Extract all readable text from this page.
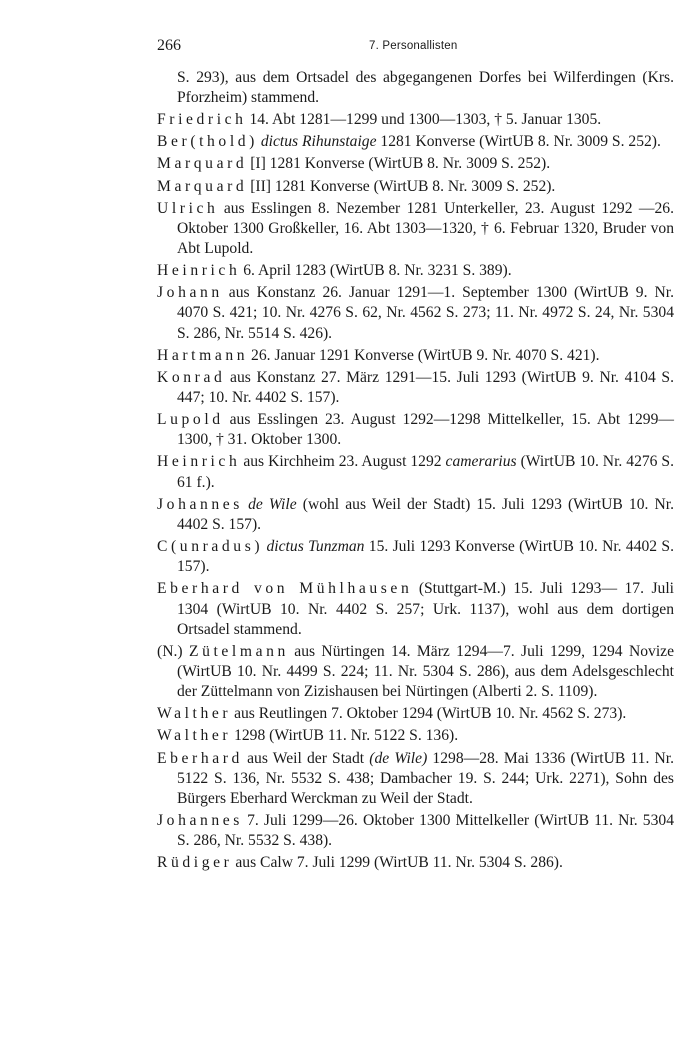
266	7. Personallisten

S. 293), aus dem Ortsadel des abgegangenen Dorfes bei Wilferdingen (Krs. Pforzheim) stammend.

Friedrich 14. Abt 1281—1299 und 1300—1303, † 5. Januar 1305.

Ber(thold) dictus Rihunstaige 1281 Konverse (WirtUB 8. Nr. 3009 S. 252).

Marquard [I] 1281 Konverse (WirtUB 8. Nr. 3009 S. 252).

Marquard [II] 1281 Konverse (WirtUB 8. Nr. 3009 S. 252).

Ulrich aus Esslingen 8. Nezember 1281 Unterkeller, 23. August 1292 —26. Oktober 1300 Großkeller, 16. Abt 1303—1320, † 6. Februar 1320, Bruder von Abt Lupold.

Heinrich 6. April 1283 (WirtUB 8. Nr. 3231 S. 389).

Johann aus Konstanz 26. Januar 1291—1. September 1300 (WirtUB 9. Nr. 4070 S. 421; 10. Nr. 4276 S. 62, Nr. 4562 S. 273; 11. Nr. 4972 S. 24, Nr. 5304 S. 286, Nr. 5514 S. 426).

Hartmann 26. Januar 1291 Konverse (WirtUB 9. Nr. 4070 S. 421).

Konrad aus Konstanz 27. März 1291—15. Juli 1293 (WirtUB 9. Nr. 4104 S. 447; 10. Nr. 4402 S. 157).

Lupold aus Esslingen 23. August 1292—1298 Mittelkeller, 15. Abt 1299—1300, † 31. Oktober 1300.

Heinrich aus Kirchheim 23. August 1292 camerarius (WirtUB 10. Nr. 4276 S. 61 f.).

Johannes de Wile (wohl aus Weil der Stadt) 15. Juli 1293 (WirtUB 10. Nr. 4402 S. 157).

C(unradus) dictus Tunzman 15. Juli 1293 Konverse (WirtUB 10. Nr. 4402 S. 157).

Eberhard von Mühlhausen (Stuttgart-M.) 15. Juli 1293— 17. Juli 1304 (WirtUB 10. Nr. 4402 S. 257; Urk. 1137), wohl aus dem dortigen Ortsadel stammend.

(N.) Zütelmann aus Nürtingen 14. März 1294—7. Juli 1299, 1294 Novize (WirtUB 10. Nr. 4499 S. 224; 11. Nr. 5304 S. 286), aus dem Adelsgeschlecht der Züttelmann von Zizishausen bei Nürtingen (Alberti 2. S. 1109).

Walther aus Reutlingen 7. Oktober 1294 (WirtUB 10. Nr. 4562 S. 273).

Walther 1298 (WirtUB 11. Nr. 5122 S. 136).

Eberhard aus Weil der Stadt (de Wile) 1298—28. Mai 1336 (WirtUB 11. Nr. 5122 S. 136, Nr. 5532 S. 438; Dambacher 19. S. 244; Urk. 2271), Sohn des Bürgers Eberhard Werckman zu Weil der Stadt.

Johannes 7. Juli 1299—26. Oktober 1300 Mittelkeller (WirtUB 11. Nr. 5304 S. 286, Nr. 5532 S. 438).

Rüdiger aus Calw 7. Juli 1299 (WirtUB 11. Nr. 5304 S. 286).
